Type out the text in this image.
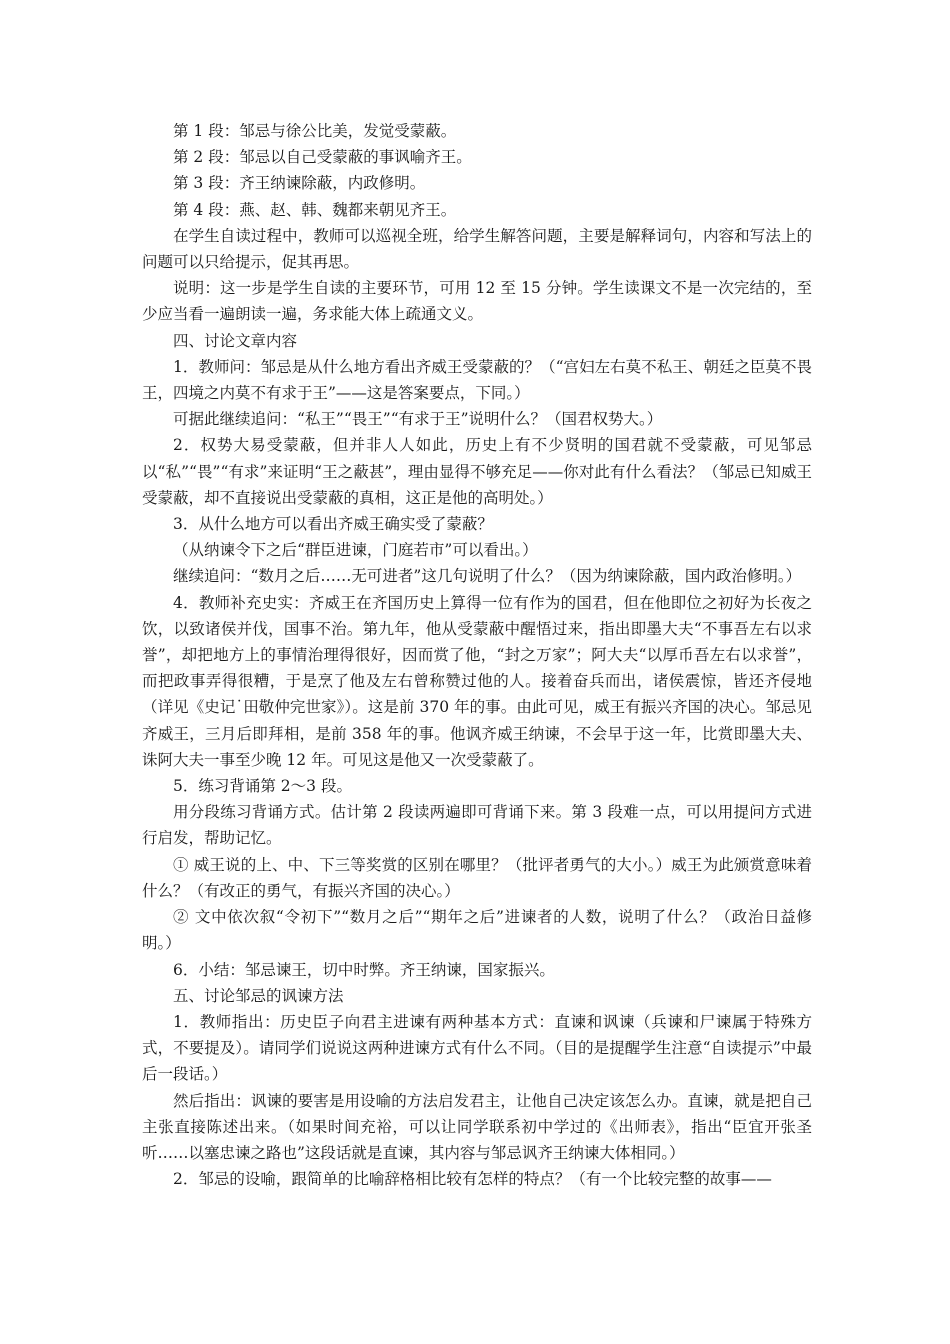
第 1 段：邹忌与徐公比美，发觉受蒙蔽。

第 2 段：邹忌以自己受蒙蔽的事讽喻齐王。

第 3 段：齐王纳谏除蔽，内政修明。

第 4 段：燕、赵、韩、魏都来朝见齐王。

在学生自读过程中，教师可以巡视全班，给学生解答问题，主要是解释词句，内容和写法上的问题可以只给提示，促其再思。

说明：这一步是学生自读的主要环节，可用 12 至 15 分钟。学生读课文不是一次完结的，至少应当看一遍朗读一遍，务求能大体上疏通文义。

四、讨论文章内容

1．教师问：邹忌是从什么地方看出齐威王受蒙蔽的？（“宫妇左右莫不私王、朝廷之臣莫不畏王，四境之内莫不有求于王”——这是答案要点，下同。）

可据此继续追问：“私王”“畏王”“有求于王”说明什么？（国君权势大。）

2．权势大易受蒙蔽，但并非人人如此，历史上有不少贤明的国君就不受蒙蔽，可见邹忌以“私”“畏”“有求”来证明“王之蔽甚”，理由显得不够充足——你对此有什么看法？（邹忌已知威王受蒙蔽，却不直接说出受蒙蔽的真相，这正是他的高明处。）

3．从什么地方可以看出齐威王确实受了蒙蔽？

（从纳谏令下之后“群臣进谏，门庭若市”可以看出。）

继续追问：“数月之后……无可进者”这几句说明了什么？（因为纳谏除蔽，国内政治修明。）

4．教师补充史实：齐威王在齐国历史上算得一位有作为的国君，但在他即位之初好为长夜之饮，以致诸侯并伐，国事不治。第九年，他从受蒙蔽中醒悟过来，指出即墨大夫“不事吾左右以求誉”，却把地方上的事情治理得很好，因而赏了他，“封之万家”；阿大夫“以厚币吾左右以求誉”，而把政事弄得很糟，于是烹了他及左右曾称赞过他的人。接着奋兵而出，诸侯震惊，皆还齐侵地（详见《史记˙田敬仲完世家》）。这是前 370 年的事。由此可见，威王有振兴齐国的决心。邹忌见齐威王，三月后即拜相，是前 358 年的事。他讽齐威王纳谏，不会早于这一年，比赏即墨大夫、诛阿大夫一事至少晚 12 年。可见这是他又一次受蒙蔽了。

5．练习背诵第 2～3 段。

用分段练习背诵方式。估计第 2 段读两遍即可背诵下来。第 3 段难一点，可以用提问方式进行启发，帮助记忆。

① 威王说的上、中、下三等奖赏的区别在哪里？（批评者勇气的大小。）威王为此颁赏意味着什么？（有改正的勇气，有振兴齐国的决心。）

② 文中依次叙“令初下”“数月之后”“期年之后”进谏者的人数，说明了什么？（政治日益修明。）

6．小结：邹忌谏王，切中时弊。齐王纳谏，国家振兴。

五、讨论邹忌的讽谏方法

1．教师指出：历史臣子向君主进谏有两种基本方式：直谏和讽谏（兵谏和尸谏属于特殊方式，不要提及）。请同学们说说这两种进谏方式有什么不同。（目的是提醒学生注意“自读提示”中最后一段话。）

然后指出：讽谏的要害是用设喻的方法启发君主，让他自己决定该怎么办。直谏，就是把自己主张直接陈述出来。（如果时间充裕，可以让同学联系初中学过的《出师表》，指出“臣宜开张圣听……以塞忠谏之路也”这段话就是直谏，其内容与邹忌讽齐王纳谏大体相同。）

2．邹忌的设喻，跟简单的比喻辞格相比较有怎样的特点？（有一个比较完整的故事——
